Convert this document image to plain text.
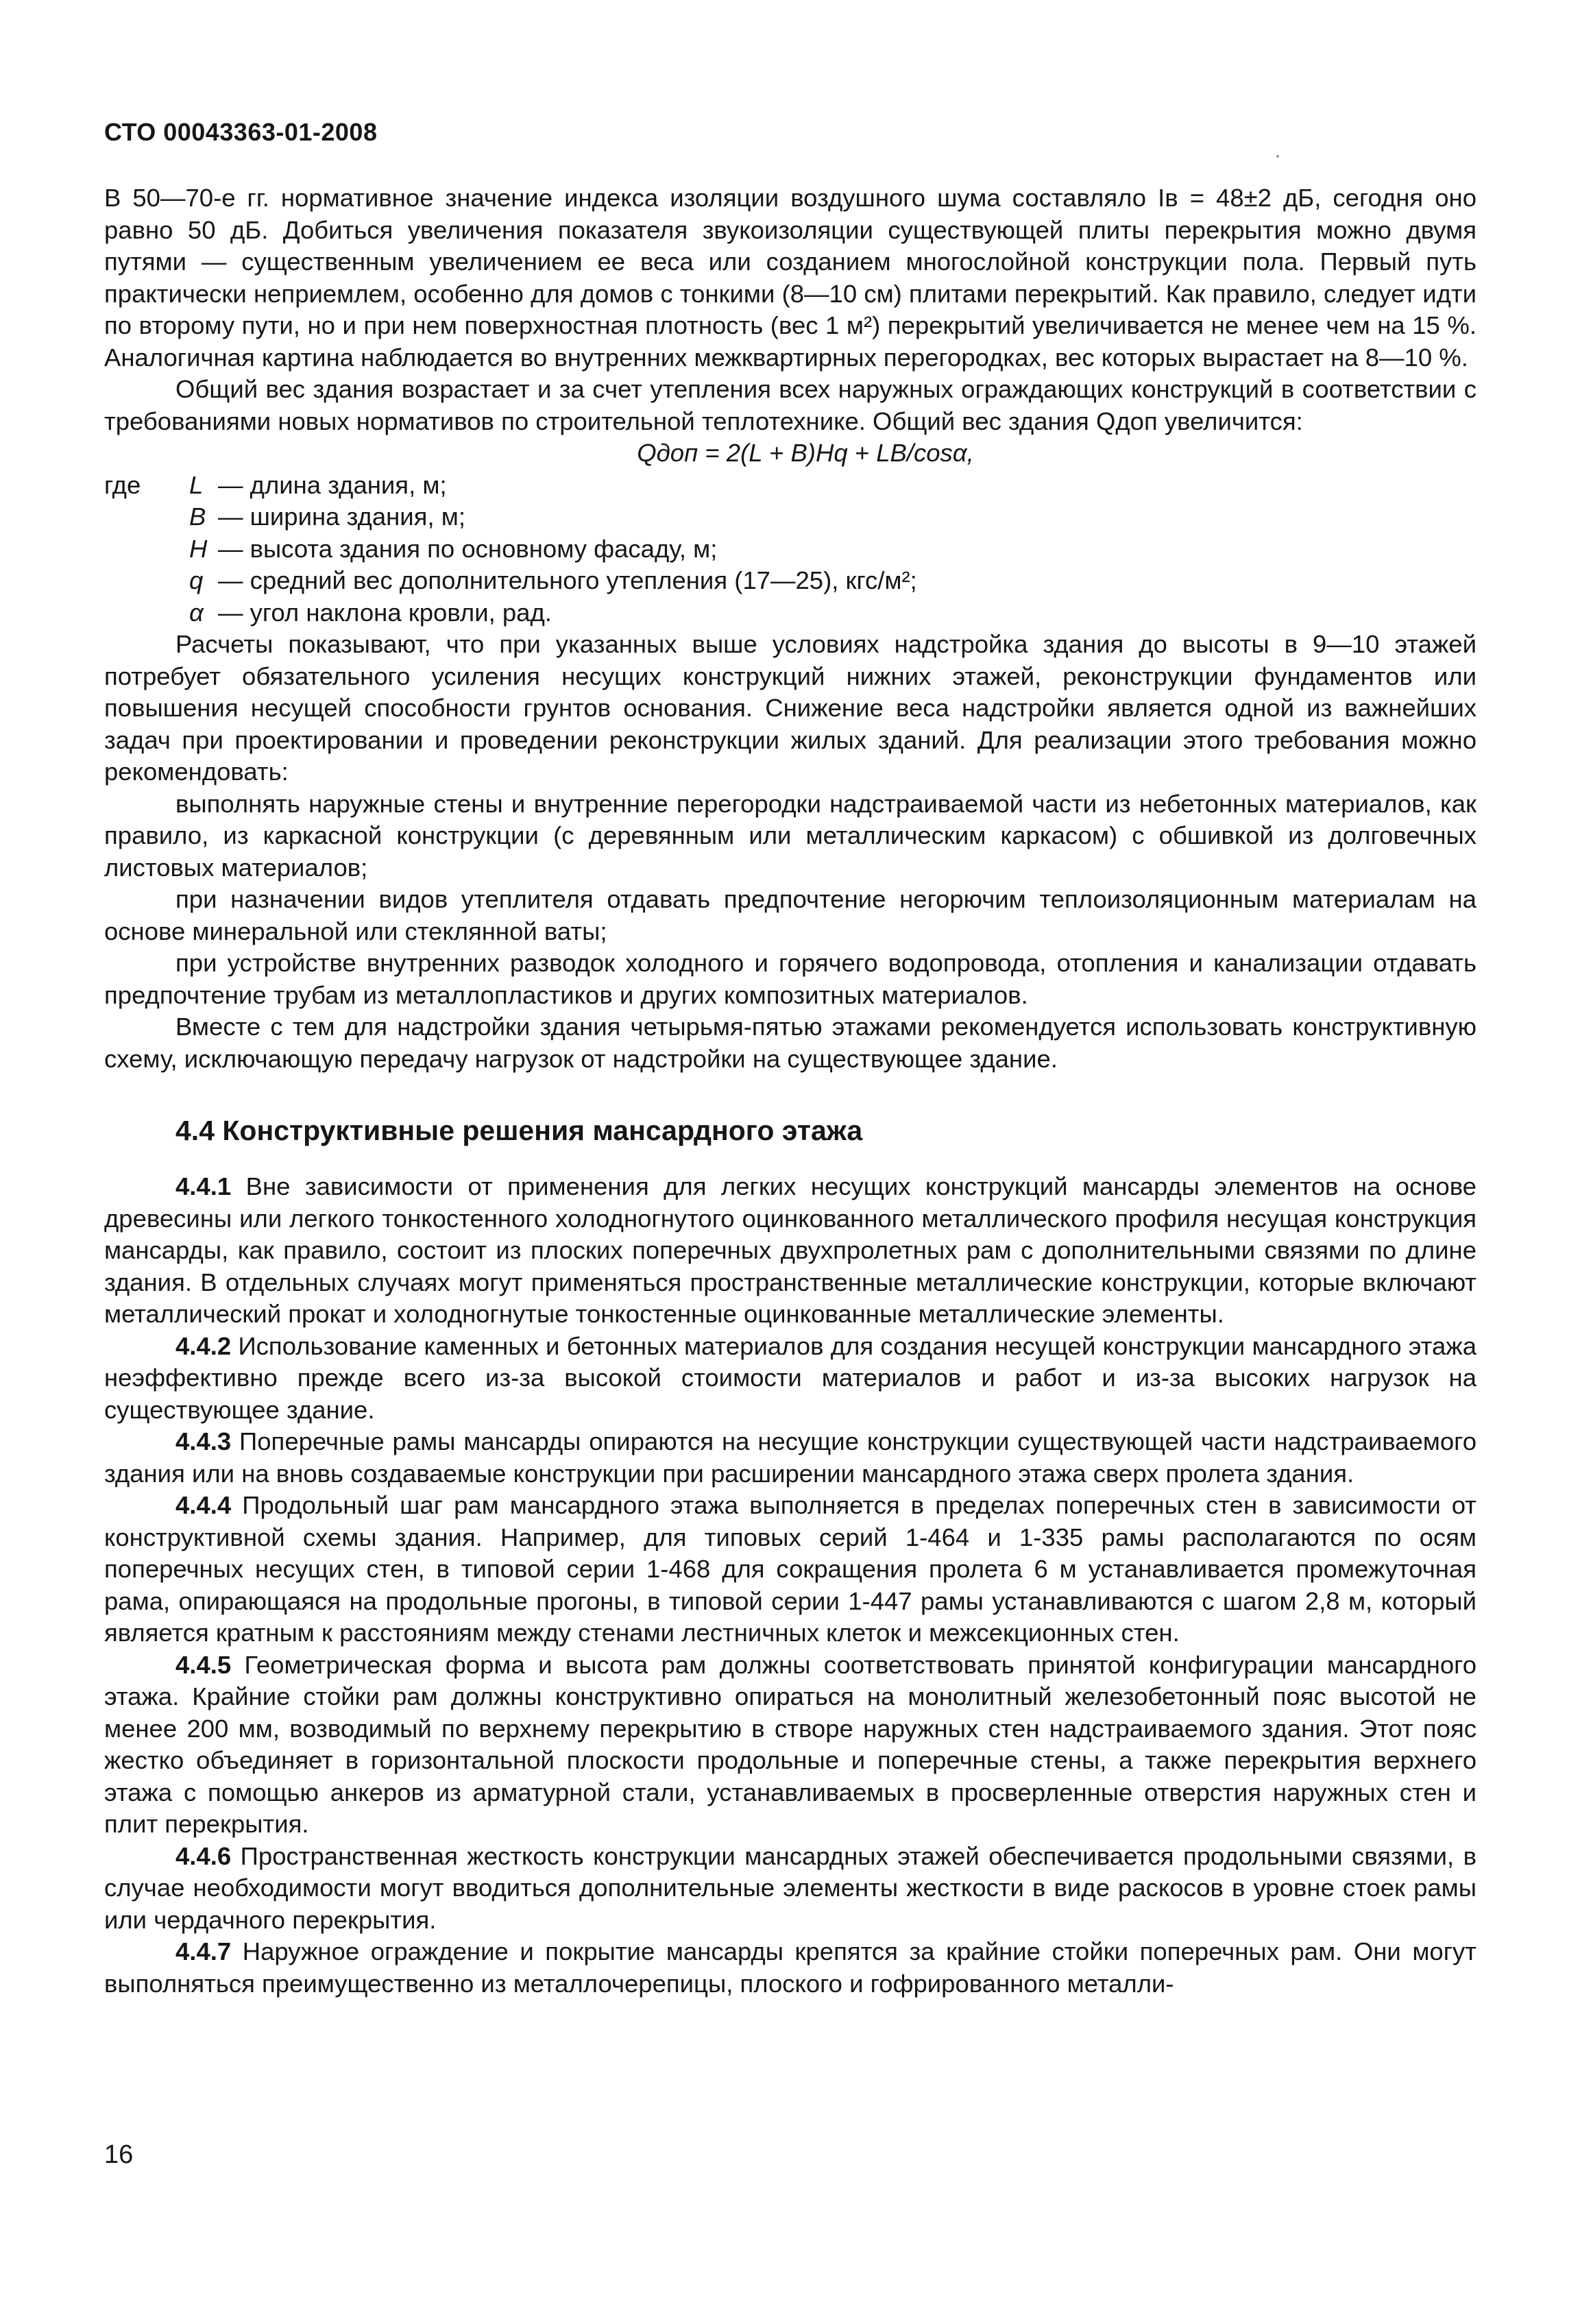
СТО 00043363-01-2008

В 50—70-е гг. нормативное значение индекса изоляции воздушного шума составляло Iв = 48±2 дБ, сегодня оно равно 50 дБ. Добиться увеличения показателя звукоизоляции существующей плиты перекрытия можно двумя путями — существенным увеличением ее веса или созданием многослойной конструкции пола. Первый путь практически неприемлем, особенно для домов с тонкими (8—10 см) плитами перекрытий. Как правило, следует идти по второму пути, но и при нем поверхностная плотность (вес 1 м²) перекрытий увеличивается не менее чем на 15 %. Аналогичная картина наблюдается во внутренних межквартирных перегородках, вес которых вырастает на 8—10 %.

Общий вес здания возрастает и за счет утепления всех наружных ограждающих конструкций в соответствии с требованиями новых нормативов по строительной теплотехнике. Общий вес здания Qдоп увеличится:

Qдоп = 2(L + B)Hq + LB/cosα,
где L — длина здания, м;
B — ширина здания, м;
H — высота здания по основному фасаду, м;
q — средний вес дополнительного утепления (17—25), кгс/м²;
α — угол наклона кровли, рад.

Расчеты показывают, что при указанных выше условиях надстройка здания до высоты в 9—10 этажей потребует обязательного усиления несущих конструкций нижних этажей, реконструкции фундаментов или повышения несущей способности грунтов основания. Снижение веса надстройки является одной из важнейших задач при проектировании и проведении реконструкции жилых зданий. Для реализации этого требования можно рекомендовать:

выполнять наружные стены и внутренние перегородки надстраиваемой части из небетонных материалов, как правило, из каркасной конструкции (с деревянным или металлическим каркасом) с обшивкой из долговечных листовых материалов;

при назначении видов утеплителя отдавать предпочтение негорючим теплоизоляционным материалам на основе минеральной или стеклянной ваты;

при устройстве внутренних разводок холодного и горячего водопровода, отопления и канализации отдавать предпочтение трубам из металлопластиков и других композитных материалов.

Вместе с тем для надстройки здания четырьмя-пятью этажами рекомендуется использовать конструктивную схему, исключающую передачу нагрузок от надстройки на существующее здание.

4.4 Конструктивные решения мансардного этажа

4.4.1 Вне зависимости от применения для легких несущих конструкций мансарды элементов на основе древесины или легкого тонкостенного холодногнутого оцинкованного металлического профиля несущая конструкция мансарды, как правило, состоит из плоских поперечных двухпролетных рам с дополнительными связями по длине здания. В отдельных случаях могут применяться пространственные металлические конструкции, которые включают металлический прокат и холодногнутые тонкостенные оцинкованные металлические элементы.

4.4.2 Использование каменных и бетонных материалов для создания несущей конструкции мансардного этажа неэффективно прежде всего из-за высокой стоимости материалов и работ и из-за высоких нагрузок на существующее здание.

4.4.3 Поперечные рамы мансарды опираются на несущие конструкции существующей части надстраиваемого здания или на вновь создаваемые конструкции при расширении мансардного этажа сверх пролета здания.

4.4.4 Продольный шаг рам мансардного этажа выполняется в пределах поперечных стен в зависимости от конструктивной схемы здания. Например, для типовых серий 1-464 и 1-335 рамы располагаются по осям поперечных несущих стен, в типовой серии 1-468 для сокращения пролета 6 м устанавливается промежуточная рама, опирающаяся на продольные прогоны, в типовой серии 1-447 рамы устанавливаются с шагом 2,8 м, который является кратным к расстояниям между стенами лестничных клеток и межсекционных стен.

4.4.5 Геометрическая форма и высота рам должны соответствовать принятой конфигурации мансардного этажа. Крайние стойки рам должны конструктивно опираться на монолитный железобетонный пояс высотой не менее 200 мм, возводимый по верхнему перекрытию в створе наружных стен надстраиваемого здания. Этот пояс жестко объединяет в горизонтальной плоскости продольные и поперечные стены, а также перекрытия верхнего этажа с помощью анкеров из арматурной стали, устанавливаемых в просверленные отверстия наружных стен и плит перекрытия.

4.4.6 Пространственная жесткость конструкции мансардных этажей обеспечивается продольными связями, в случае необходимости могут вводиться дополнительные элементы жесткости в виде раскосов в уровне стоек рамы или чердачного перекрытия.

4.4.7 Наружное ограждение и покрытие мансарды крепятся за крайние стойки поперечных рам. Они могут выполняться преимущественно из металлочерепицы, плоского и гофрированного металли-

16
